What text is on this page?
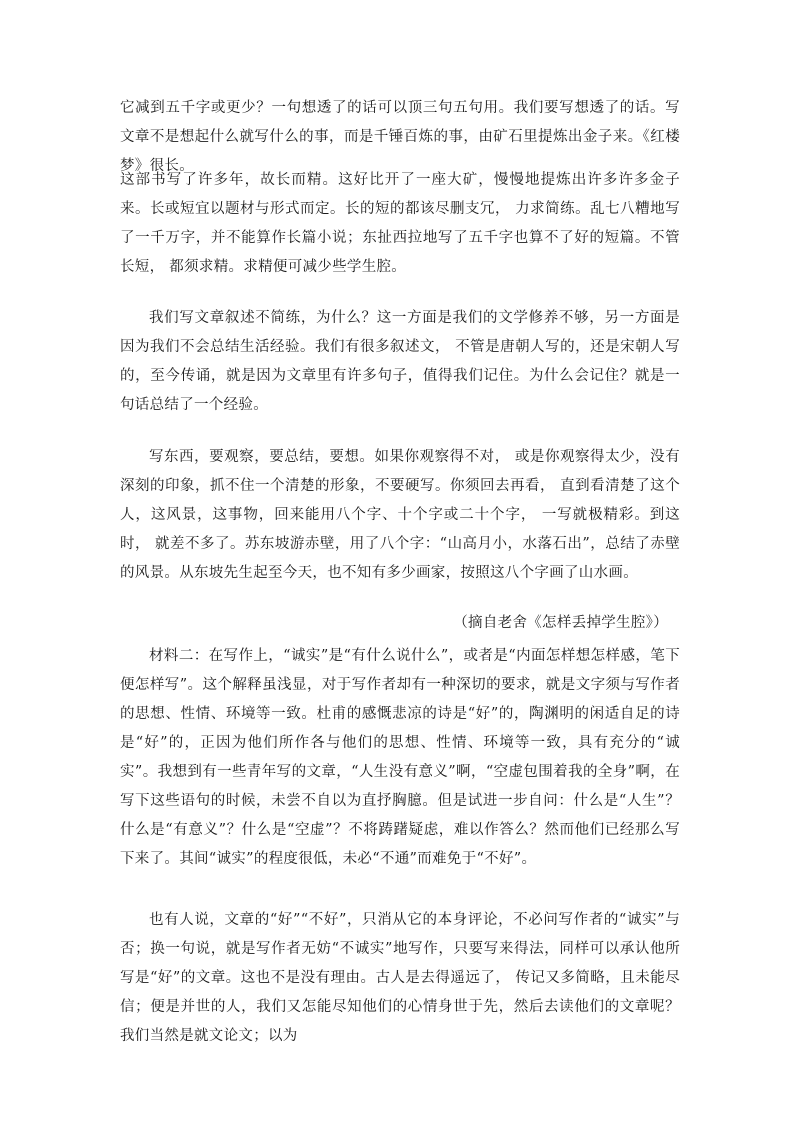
它减到五千字或更少？一句想透了的话可以顶三句五句用。我们要写想透了的话。写文章不是想起什么就写什么的事，而是千锤百炼的事，由矿石里提炼出金子来。《红楼梦》很长。

这部书写了许多年，故长而精。这好比开了一座大矿，慢慢地提炼出许多许多金子来。长或短宜以题材与形式而定。长的短的都该尽删支冗， 力求简练。乱七八糟地写了一千万字，并不能算作长篇小说；东扯西拉地写了五千字也算不了好的短篇。不管长短， 都须求精。求精便可减少些学生腔。

我们写文章叙述不简练，为什么？这一方面是我们的文学修养不够，另一方面是因为我们不会总结生活经验。我们有很多叙述文， 不管是唐朝人写的，还是宋朝人写的，至今传诵，就是因为文章里有许多句子，值得我们记住。为什么会记住？就是一句话总结了一个经验。

写东西，要观察，要总结，要想。如果你观察得不对， 或是你观察得太少，没有深刻的印象，抓不住一个清楚的形象，不要硬写。你须回去再看， 直到看清楚了这个人，这风景，这事物，回来能用八个字、十个字或二十个字， 一写就极精彩。到这时， 就差不多了。苏东坡游赤壁，用了八个字：“山高月小，水落石出”，总结了赤壁的风景。从东坡先生起至今天，也不知有多少画家，按照这八个字画了山水画。

（摘自老舍《怎样丢掉学生腔》）

材料二：在写作上，“诚实”是“有什么说什么”，或者是“内面怎样想怎样感，笔下便怎样写”。这个解释虽浅显，对于写作者却有一种深切的要求，就是文字须与写作者的思想、性情、环境等一致。杜甫的感慨悲凉的诗是“好”的，陶渊明的闲适自足的诗是“好”的，正因为他们所作各与他们的思想、性情、环境等一致，具有充分的“诚实”。我想到有一些青年写的文章，“人生没有意义”啊，“空虚包围着我的全身”啊，在写下这些语句的时候，未尝不自以为直抒胸臆。但是试进一步自问：什么是“人生”？什么是“有意义”？什么是“空虚”？不将踌躇疑虑，难以作答么？然而他们已经那么写下来了。其间“诚实”的程度很低，未必“不通”而难免于“不好”。

也有人说，文章的“好”“不好”，只消从它的本身评论，不必问写作者的“诚实”与否；换一句说，就是写作者无妨“不诚实”地写作，只要写来得法，同样可以承认他所写是“好”的文章。这也不是没有理由。古人是去得遥远了， 传记又多简略，且未能尽信；便是并世的人，我们又怎能尽知他们的心情身世于先，然后去读他们的文章呢？我们当然是就文论文；以为
